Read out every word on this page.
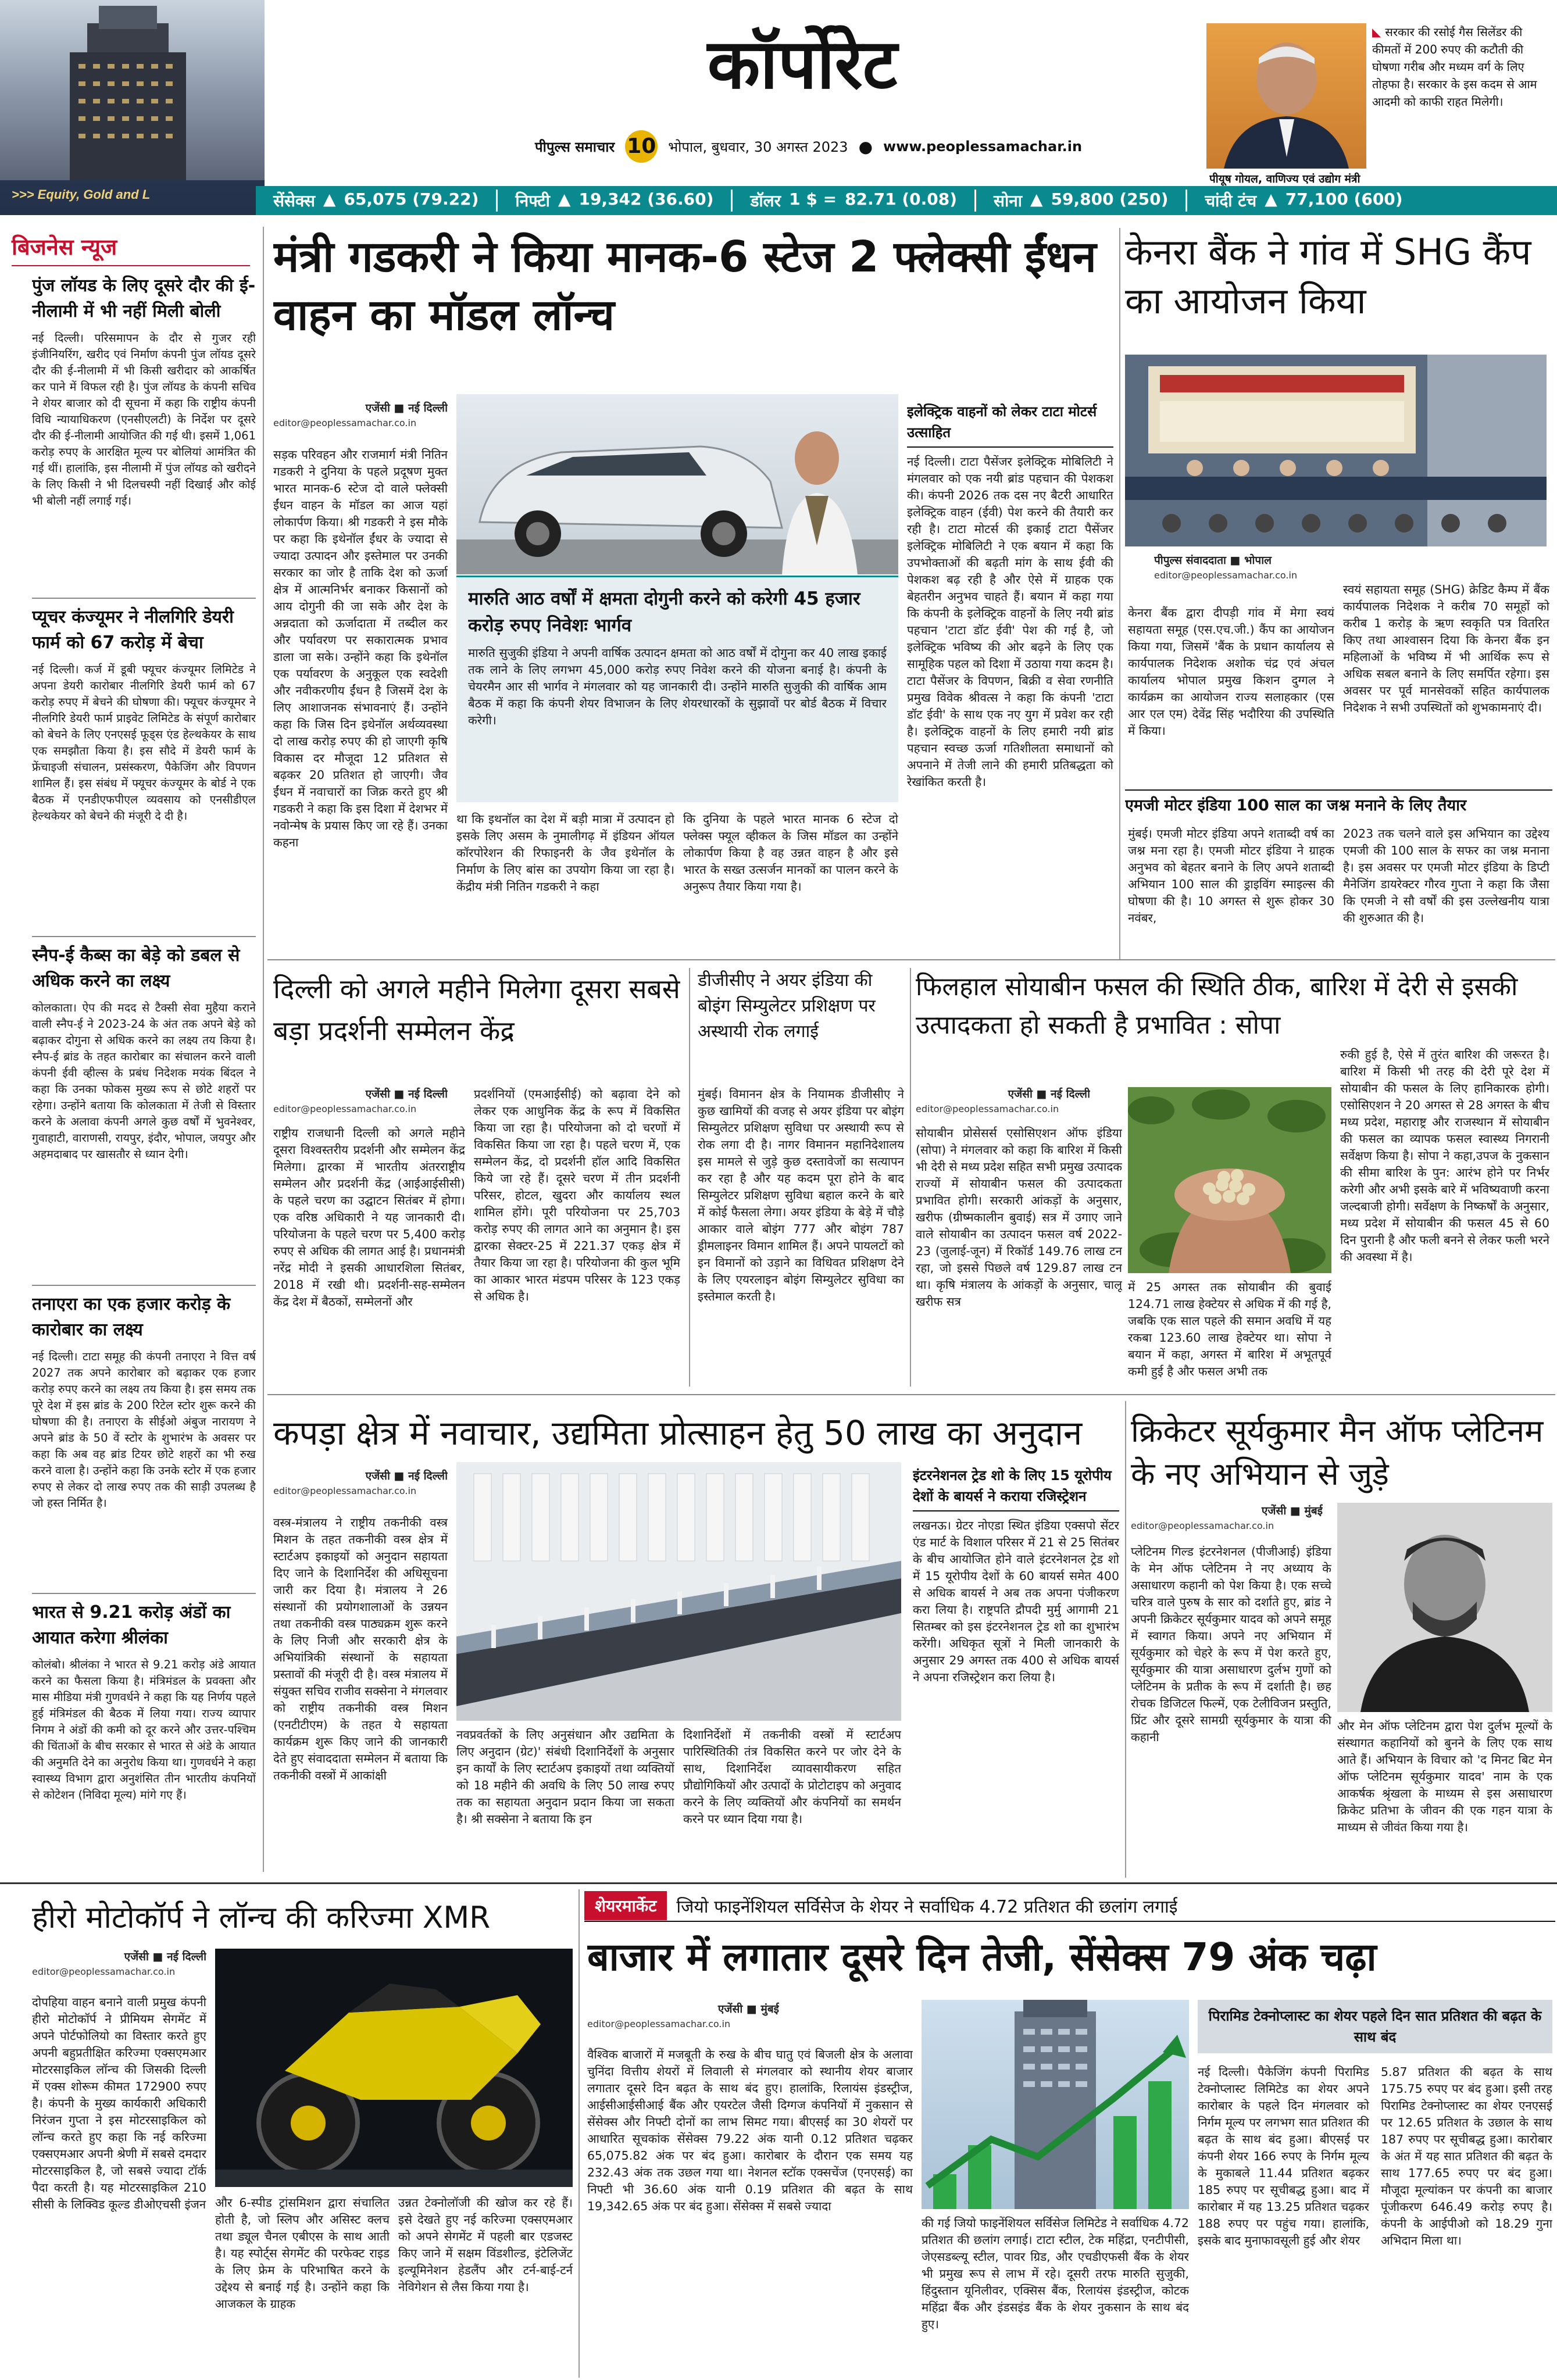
>>> Equity, Gold and L
कॉर्पोरेट
पीपुल्स समाचार 10 भोपाल, बुधवार, 30 अगस्त 2023 ● www.peoplessamachar.in
◣ सरकार की रसोई गैस सिलेंडर की कीमतों में 200 रुपए की कटौती की घोषणा गरीब और मध्यम वर्ग के लिए तोहफा है। सरकार के इस कदम से आम आदमी को काफी राहत मिलेगी।
पीयूष गोयल, वाणिज्य एवं उद्योग मंत्री
सेंसेक्स ▲ 65,075 (79.22) निफ्टी ▲ 19,342 (36.60) डॉलर 1 $ = 82.71 (0.08) सोना ▲ 59,800 (250) चांदी टंच ▲ 77,100 (600)
बिजनेस न्यूज
पुंज लॉयड के लिए दूसरे दौर की ई-नीलामी में भी नहीं मिली बोली
नई दिल्ली। परिसमापन के दौर से गुजर रही इंजीनियरिंग, खरीद एवं निर्माण कंपनी पुंज लॉयड दूसरे दौर की ई-नीलामी में भी किसी खरीदार को आकर्षित कर पाने में विफल रही है। पुंज लॉयड के कंपनी सचिव ने शेयर बाजार को दी सूचना में कहा कि राष्ट्रीय कंपनी विधि न्यायाधिकरण (एनसीएलटी) के निर्देश पर दूसरे दौर की ई-नीलामी आयोजित की गई थी। इसमें 1,061 करोड़ रुपए के आरक्षित मूल्य पर बोलियां आमंत्रित की गई थीं। हालांकि, इस नीलामी में पुंज लॉयड को खरीदने के लिए किसी ने भी दिलचस्पी नहीं दिखाई और कोई भी बोली नहीं लगाई गई।
प्यूचर कंज्यूमर ने नीलगिरि डेयरी फार्म को 67 करोड़ में बेचा
नई दिल्ली। कर्ज में डूबी फ्यूचर कंज्यूमर लिमिटेड ने अपना डेयरी कारोबार नीलगिरि डेयरी फार्म को 67 करोड़ रुपए में बेचने की घोषणा की। फ्यूचर कंज्यूमर ने नीलगिरि डेयरी फार्म प्राइवेट लिमिटेड के संपूर्ण कारोबार को बेचने के लिए एनएसई फूड्स एंड हेल्थकेयर के साथ एक समझौता किया है। इस सौदे में डेयरी फार्म के फ्रेंचाइजी संचालन, प्रसंस्करण, पैकेजिंग और विपणन शामिल हैं। इस संबंध में फ्यूचर कंज्यूमर के बोर्ड ने एक बैठक में एनडीएफपीएल व्यवसाय को एनसीडीएल हेल्थकेयर को बेचने की मंजूरी दे दी है।
स्नैप-ई कैब्स का बेड़े को डबल से अधिक करने का लक्ष्य
कोलकाता। ऐप की मदद से टैक्सी सेवा मुहैया कराने वाली स्नैप-ई ने 2023-24 के अंत तक अपने बेड़े को बढ़ाकर दोगुना से अधिक करने का लक्ष्य तय किया है। स्नैप-ई ब्रांड के तहत कारोबार का संचालन करने वाली कंपनी ईवी व्हील्स के प्रबंध निदेशक मयंक बिंदल ने कहा कि उनका फोकस मुख्य रूप से छोटे शहरों पर रहेगा। उन्होंने बताया कि कोलकाता में तेजी से विस्तार करने के अलावा कंपनी अगले कुछ वर्षों में भुवनेश्वर, गुवाहाटी, वाराणसी, रायपुर, इंदौर, भोपाल, जयपुर और अहमदाबाद पर खासतौर से ध्यान देगी।
तनाएरा का एक हजार करोड़ के कारोबार का लक्ष्य
नई दिल्ली। टाटा समूह की कंपनी तनाएरा ने वित्त वर्ष 2027 तक अपने कारोबार को बढ़ाकर एक हजार करोड़ रुपए करने का लक्ष्य तय किया है। इस समय तक पूरे देश में इस ब्रांड के 200 रिटेल स्टोर शुरू करने की घोषणा की है। तनाएरा के सीईओ अंबुज नारायण ने अपने ब्रांड के 50 वें स्टोर के शुभारंभ के अवसर पर कहा कि अब वह ब्रांड टियर छोटे शहरों का भी रुख करने वाला है। उन्होंने कहा कि उनके स्टोर में एक हजार रुपए से लेकर दो लाख रुपए तक की साड़ी उपलब्ध है जो हस्त निर्मित है।
भारत से 9.21 करोड़ अंडों का आयात करेगा श्रीलंका
कोलंबो। श्रीलंका ने भारत से 9.21 करोड़ अंडे आयात करने का फैसला किया है। मंत्रिमंडल के प्रवक्ता और मास मीडिया मंत्री गुणवर्धने ने कहा कि यह निर्णय पहले हुई मंत्रिमंडल की बैठक में लिया गया। राज्य व्यापार निगम ने अंडों की कमी को दूर करने और उत्तर-पश्चिम की चिंताओं के बीच सरकार से भारत से अंडे के आयात की अनुमति देने का अनुरोध किया था। गुणवर्धने ने कहा स्वास्थ्य विभाग द्वारा अनुशंसित तीन भारतीय कंपनियों से कोटेशन (निविदा मूल्य) मांगे गए हैं।
मंत्री गडकरी ने किया मानक-6 स्टेज 2 फ्लेक्सी ईंधन वाहन का मॉडल लॉन्च
एजेंसी ■ नई दिल्ली
editor@peoplessamachar.co.in
सड़क परिवहन और राजमार्ग मंत्री नितिन गडकरी ने दुनिया के पहले प्रदूषण मुक्त भारत मानक-6 स्टेज दो वाले फ्लेक्सी ईंधन वाहन के मॉडल का आज यहां लोकार्पण किया। श्री गडकरी ने इस मौके पर कहा कि इथेनॉल ईंधर के ज्यादा से ज्यादा उत्पादन और इस्तेमाल पर उनकी सरकार का जोर है ताकि देश को ऊर्जा क्षेत्र में आत्मनिर्भर बनाकर किसानों को आय दोगुनी की जा सके और देश के अन्नदाता को ऊर्जादाता में तब्दील कर और पर्यावरण पर सकारात्मक प्रभाव डाला जा सके। उन्होंने कहा कि इथेनॉल एक पर्यावरण के अनुकूल एक स्वदेशी और नवीकरणीय ईंधन है जिसमें देश के लिए आशाजनक संभावनाएं हैं। उन्होंने कहा कि जिस दिन इथेनॉल अर्थव्यवस्था दो लाख करोड़ रुपए की हो जाएगी कृषि विकास दर मौजूदा 12 प्रतिशत से बढ़कर 20 प्रतिशत हो जाएगी। जैव ईंधन में नवाचारों का जिक्र करते हुए श्री गडकरी ने कहा कि इस दिशा में देशभर में नवोन्मेष के प्रयास किए जा रहे हैं। उनका कहना
मारुति आठ वर्षों में क्षमता दोगुनी करने को करेगी 45 हजार करोड़ रुपए निवेशः भार्गव
मारुति सुजुकी इंडिया ने अपनी वार्षिक उत्पादन क्षमता को आठ वर्षों में दोगुना कर 40 लाख इकाई तक लाने के लिए लगभग 45,000 करोड़ रुपए निवेश करने की योजना बनाई है। कंपनी के चेयरमैन आर सी भार्गव ने मंगलवार को यह जानकारी दी। उन्होंने मारुति सुजुकी की वार्षिक आम बैठक में कहा कि कंपनी शेयर विभाजन के लिए शेयरधारकों के सुझावों पर बोर्ड बैठक में विचार करेगी।
था कि इथनॉल का देश में बड़ी मात्रा में उत्पादन हो इसके लिए असम के नुमालीगढ़ में इंडियन ऑयल कॉरपोरेशन की रिफाइनरी के जैव इथेनॉल के निर्माण के लिए बांस का उपयोग किया जा रहा है। केंद्रीय मंत्री नितिन गडकरी ने कहा
कि दुनिया के पहले भारत मानक 6 स्टेज दो फ्लेक्स फ्यूल व्हीकल के जिस मॉडल का उन्होंने लोकार्पण किया है वह उन्नत वाहन है और इसे भारत के सख्त उत्सर्जन मानकों का पालन करने के अनुरूप तैयार किया गया है।
इलेक्ट्रिक वाहनों को लेकर टाटा मोटर्स उत्साहित
नई दिल्ली। टाटा पैसेंजर इलेक्ट्रिक मोबिलिटी ने मंगलवार को एक नयी ब्रांड पहचान की पेशकश की। कंपनी 2026 तक दस नए बैटरी आधारित इलेक्ट्रिक वाहन (ईवी) पेश करने की तैयारी कर रही है। टाटा मोटर्स की इकाई टाटा पैसेंजर इलेक्ट्रिक मोबिलिटी ने एक बयान में कहा कि उपभोक्ताओं की बढ़ती मांग के साथ ईवी की पेशकश बढ़ रही है और ऐसे में ग्राहक एक बेहतरीन अनुभव चाहते हैं। बयान में कहा गया कि कंपनी के इलेक्ट्रिक वाहनों के लिए नयी ब्रांड पहचान 'टाटा डॉट ईवी' पेश की गई है, जो इलेक्ट्रिक भविष्य की ओर बढ़ने के लिए एक सामूहिक पहल को दिशा में उठाया गया कदम है। टाटा पैसेंजर के विपणन, बिक्री व सेवा रणनीति प्रमुख विवेक श्रीवत्स ने कहा कि कंपनी 'टाटा डॉट ईवी' के साथ एक नए युग में प्रवेश कर रही है। इलेक्ट्रिक वाहनों के लिए हमारी नयी ब्रांड पहचान स्वच्छ ऊर्जा गतिशीलता समाधानों को अपनाने में तेजी लाने की हमारी प्रतिबद्धता को रेखांकित करती है।
केनरा बैंक ने गांव में SHG कैंप का आयोजन किया
पीपुल्स संवाददाता ■ भोपाल
editor@peoplessamachar.co.in
केनरा बैंक द्वारा दीपड़ी गांव में मेगा स्वयं सहायता समूह (एस.एच.जी.) कैंप का आयोजन किया गया, जिसमें 'बैंक के प्रधान कार्यालय से कार्यपालक निदेशक अशोक चंद्र एवं अंचल कार्यालय भोपाल प्रमुख किशन दुग्गल ने कार्यक्रम का आयोजन राज्य सलाहकार (एस आर एल एम) देवेंद्र सिंह भदौरिया की उपस्थिति में किया।
स्वयं सहायता समूह (SHG) क्रेडिट कैम्प में बैंक कार्यपालक निदेशक ने करीब 70 समूहों को करीब 1 करोड़ के ऋण स्वकृति पत्र वितरित किए तथा आश्वासन दिया कि केनरा बैंक इन महिलाओं के भविष्य में भी आर्थिक रूप से अधिक सबल बनाने के लिए समर्पित रहेगा। इस अवसर पर पूर्व मानसेवकों सहित कार्यपालक निदेशक ने सभी उपस्थितों को शुभकामनाएं दी।
एमजी मोटर इंडिया 100 साल का जश्न मनाने के लिए तैयार
मुंबई। एमजी मोटर इंडिया अपने शताब्दी वर्ष का जश्न मना रहा है। एमजी मोटर इंडिया ने ग्राहक अनुभव को बेहतर बनाने के लिए अपने शताब्दी अभियान 100 साल की ड्राइविंग स्माइल्स की घोषणा की है। 10 अगस्त से शुरू होकर 30 नवंबर,
2023 तक चलने वाले इस अभियान का उद्देश्य एमजी की 100 साल के सफर का जश्न मनाना है। इस अवसर पर एमजी मोटर इंडिया के डिप्टी मैनेजिंग डायरेक्टर गौरव गुप्ता ने कहा कि जैसा कि एमजी ने सौ वर्षों की इस उल्लेखनीय यात्रा की शुरुआत की है।
दिल्ली को अगले महीने मिलेगा दूसरा सबसे बड़ा प्रदर्शनी सम्मेलन केंद्र
एजेंसी ■ नई दिल्ली
editor@peoplessamachar.co.in
राष्ट्रीय राजधानी दिल्ली को अगले महीने दूसरा विश्वस्तरीय प्रदर्शनी और सम्मेलन केंद्र मिलेगा। द्वारका में भारतीय अंतरराष्ट्रीय सम्मेलन और प्रदर्शनी केंद्र (आईआईसीसी) के पहले चरण का उद्घाटन सितंबर में होगा। एक वरिष्ठ अधिकारी ने यह जानकारी दी। परियोजना के पहले चरण पर 5,400 करोड़ रुपए से अधिक की लागत आई है। प्रधानमंत्री नरेंद्र मोदी ने इसकी आधारशिला सितंबर, 2018 में रखी थी। प्रदर्शनी-सह-सम्मेलन केंद्र देश में बैठकों, सम्मेलनों और
प्रदर्शनियों (एमआईसीई) को बढ़ावा देने को लेकर एक आधुनिक केंद्र के रूप में विकसित किया जा रहा है। परियोजना को दो चरणों में विकसित किया जा रहा है। पहले चरण में, एक सम्मेलन केंद्र, दो प्रदर्शनी हॉल आदि विकसित किये जा रहे हैं। दूसरे चरण में तीन प्रदर्शनी परिसर, होटल, खुदरा और कार्यालय स्थल शामिल होंगे। पूरी परियोजना पर 25,703 करोड़ रुपए की लागत आने का अनुमान है। इस द्वारका सेक्टर-25 में 221.37 एकड़ क्षेत्र में तैयार किया जा रहा है। परियोजना की कुल भूमि का आकार भारत मंडपम परिसर के 123 एकड़ से अधिक है।
डीजीसीए ने अयर इंडिया की बोइंग सिम्युलेटर प्रशिक्षण पर अस्थायी रोक लगाई
मुंबई। विमानन क्षेत्र के नियामक डीजीसीए ने कुछ खामियों की वजह से अयर इंडिया पर बोइंग सिम्युलेटर प्रशिक्षण सुविधा पर अस्थायी रूप से रोक लगा दी है। नागर विमानन महानिदेशालय इस मामले से जुड़े कुछ दस्तावेजों का सत्यापन कर रहा है और यह कदम पूरा होने के बाद सिम्युलेटर प्रशिक्षण सुविधा बहाल करने के बारे में कोई फैसला लेगा। अयर इंडिया के बेड़े में चौड़े आकार वाले बोइंग 777 और बोइंग 787 ड्रीमलाइनर विमान शामिल हैं। अपने पायलटों को इन विमानों को उड़ाने का विधिवत प्रशिक्षण देने के लिए एयरलाइन बोइंग सिम्युलेटर सुविधा का इस्तेमाल करती है।
फिलहाल सोयाबीन फसल की स्थिति ठीक, बारिश में देरी से इसकी उत्पादकता हो सकती है प्रभावित : सोपा
एजेंसी ■ नई दिल्ली
editor@peoplessamachar.co.in
सोयाबीन प्रोसेसर्स एसोसिएशन ऑफ इंडिया (सोपा) ने मंगलवार को कहा कि बारिश में किसी भी देरी से मध्य प्रदेश सहित सभी प्रमुख उत्पादक राज्यों में सोयाबीन फसल की उत्पादकता प्रभावित होगी। सरकारी आंकड़ों के अनुसार, खरीफ (ग्रीष्मकालीन बुवाई) सत्र में उगाए जाने वाले सोयाबीन का उत्पादन फसल वर्ष 2022-23 (जुलाई-जून) में रिकॉर्ड 149.76 लाख टन रहा, जो इससे पिछले वर्ष 129.87 लाख टन था। कृषि मंत्रालय के आंकड़ों के अनुसार, चालू खरीफ सत्र
में 25 अगस्त तक सोयाबीन की बुवाई 124.71 लाख हेक्टेयर से अधिक में की गई है, जबकि एक साल पहले की समान अवधि में यह रकबा 123.60 लाख हेक्टेयर था। सोपा ने बयान में कहा, अगस्त में बारिश में अभूतपूर्व कमी हुई है और फसल अभी तक
रुकी हुई है, ऐसे में तुरंत बारिश की जरूरत है। बारिश में किसी भी तरह की देरी पूरे देश में सोयाबीन की फसल के लिए हानिकारक होगी। एसोसिएशन ने 20 अगस्त से 28 अगस्त के बीच मध्य प्रदेश, महाराष्ट्र और राजस्थान में सोयाबीन की फसल का व्यापक फसल स्वास्थ्य निगरानी सर्वेक्षण किया है। सोपा ने कहा,उपज के नुकसान की सीमा बारिश के पुन: आरंभ होने पर निर्भर करेगी और अभी इसके बारे में भविष्यवाणी करना जल्दबाजी होगी। सर्वेक्षण के निष्कर्षों के अनुसार, मध्य प्रदेश में सोयाबीन की फसल 45 से 60 दिन पुरानी है और फली बनने से लेकर फली भरने की अवस्था में है।
कपड़ा क्षेत्र में नवाचार, उद्यमिता प्रोत्साहन हेतु 50 लाख का अनुदान
एजेंसी ■ नई दिल्ली
editor@peoplessamachar.co.in
वस्त्र-मंत्रालय ने राष्ट्रीय तकनीकी वस्त्र मिशन के तहत तकनीकी वस्त्र क्षेत्र में स्टार्टअप इकाइयों को अनुदान सहायता दिए जाने के दिशानिर्देश की अधिसूचना जारी कर दिया है। मंत्रालय ने 26 संस्थानों की प्रयोगशालाओं के उन्नयन तथा तकनीकी वस्त्र पाठ्यक्रम शुरू करने के लिए निजी और सरकारी क्षेत्र के अभियांत्रिकी संस्थानों के सहायता प्रस्तावों की मंजूरी दी है। वस्त्र मंत्रालय में संयुक्त सचिव राजीव सक्सेना ने मंगलवार को राष्ट्रीय तकनीकी वस्त्र मिशन (एनटीटीएम) के तहत ये सहायता कार्यक्रम शुरू किए जाने की जानकारी देते हुए संवाददाता सम्मेलन में बताया कि तकनीकी वस्त्रों में आकांक्षी
नवप्रवर्तकों के लिए अनुसंधान और उद्यमिता के लिए अनुदान (ग्रेट)' संबंधी दिशानिर्देशों के अनुसार इन कार्यों के लिए स्टार्टअप इकाइयों तथा व्यक्तियों को 18 महीने की अवधि के लिए 50 लाख रुपए तक का सहायता अनुदान प्रदान किया जा सकता है। श्री सक्सेना ने बताया कि इन
दिशानिर्देशों में तकनीकी वस्त्रों में स्टार्टअप पारिस्थितिकी तंत्र विकसित करने पर जोर देने के साथ, दिशानिर्देश व्यावसायीकरण सहित प्रौद्योगिकियों और उत्पादों के प्रोटोटाइप को अनुवाद करने के लिए व्यक्तियों और कंपनियों का समर्थन करने पर ध्यान दिया गया है।
इंटरनेशनल ट्रेड शो के लिए 15 यूरोपीय देशों के बायर्स ने कराया रजिस्ट्रेशन
लखनऊ। ग्रेटर नोएडा स्थित इंडिया एक्सपो सेंटर एंड मार्ट के विशाल परिसर में 21 से 25 सितंबर के बीच आयोजित होने वाले इंटरनेशनल ट्रेड शो में 15 यूरोपीय देशों के 60 बायर्स समेत 400 से अधिक बायर्स ने अब तक अपना पंजीकरण करा लिया है। राष्ट्रपति द्रौपदी मुर्मु आगामी 21 सितम्बर को इस इंटरनेशनल ट्रेड शो का शुभारंभ करेंगी। अधिकृत सूत्रों ने मिली जानकारी के अनुसार 29 अगस्त तक 400 से अधिक बायर्स ने अपना रजिस्ट्रेशन करा लिया है।
क्रिकेटर सूर्यकुमार मैन ऑफ प्लेटिनम के नए अभियान से जुड़े
एजेंसी ■ मुंबई
editor@peoplessamachar.co.in
प्लेटिनम गिल्ड इंटरनेशनल (पीजीआई) इंडिया के मेन ऑफ प्लेटिनम ने नए अध्याय के असाधारण कहानी को पेश किया है। एक सच्चे चरित्र वाले पुरुष के सार को दर्शाते हुए, ब्रांड ने अपनी क्रिकेटर सूर्यकुमार यादव को अपने समूह में स्वागत किया। अपने नए अभियान में सूर्यकुमार को चेहरे के रूप में पेश करते हुए, सूर्यकुमार की यात्रा असाधारण दुर्लभ गुणों को प्लेटिनम के प्रतीक के रूप में दर्शाती है। छह रोचक डिजिटल फिल्में, एक टेलीविजन प्रस्तुति, प्रिंट और दूसरे सामग्री सूर्यकुमार के यात्रा की कहानी
और मेन ऑफ प्लेटिनम द्वारा पेश दुर्लभ मूल्यों के संस्थागत कहानियों को बुनने के लिए एक साथ आते हैं। अभियान के विचार को 'द मिनट बिट मेन ऑफ प्लेटिनम सूर्यकुमार यादव' नाम के एक आकर्षक श्रृंखला के माध्यम से इस असाधारण क्रिकेट प्रतिभा के जीवन की एक गहन यात्रा के माध्यम से जीवंत किया गया है।
हीरो मोटोकॉर्प ने लॉन्च की करिज्मा XMR
एजेंसी ■ नई दिल्ली
editor@peoplessamachar.co.in
दोपहिया वाहन बनाने वाली प्रमुख कंपनी हीरो मोटोकॉर्प ने प्रीमियम सेगमेंट में अपने पोर्टफोलियो का विस्तार करते हुए अपनी बहुप्रतीक्षित करिज्मा एक्सएमआर मोटरसाइकिल लॉन्च की जिसकी दिल्ली में एक्स शोरूम कीमत 172900 रुपए है। कंपनी के मुख्य कार्यकारी अधिकारी निरंजन गुप्ता ने इस मोटरसाइकिल को लॉन्च करते हुए कहा कि नई करिज्मा एक्सएमआर अपनी श्रेणी में सबसे दमदार मोटरसाइकिल है, जो सबसे ज्यादा टॉर्क पैदा करती है। यह मोटरसाइकिल 210 सीसी के लिक्विड कूल्ड डीओएचसी इंजन और 6-स्पीड ट्रांसमिशन द्वारा संचालित होती है, जो स्लिप और असिस्ट क्लच तथा ड्यूल चैनल एबीएस के साथ आती है। यह स्पोर्ट्स सेगमेंट की परफेक्ट राइड के लिए फ्रेम के परिभाषित करने के उद्देश्य से बनाई गई है। उन्होंने कहा कि आजकल के ग्राहक
उन्नत टेक्नोलॉजी की खोज कर रहे हैं। इसे देखते हुए नई करिज्मा एक्सएमआर को अपने सेगमेंट में पहली बार एडजस्ट किए जाने में सक्षम विंडशील्ड, इंटेलिजेंट इल्यूमिनेशन हेडलैंप और टर्न-बाई-टर्न नेविगेशन से लैस किया गया है।
शेयरमार्केट	जियो फाइनेंशियल सर्विसेज के शेयर ने सर्वाधिक 4.72 प्रतिशत की छलांग लगाई
बाजार में लगातार दूसरे दिन तेजी, सेंसेक्स 79 अंक चढ़ा
एजेंसी ■ मुंबई
editor@peoplessamachar.co.in
वैश्विक बाजारों में मजबूती के रुख के बीच घातु एवं बिजली क्षेत्र के अलावा चुनिंदा वित्तीय शेयरों में लिवाली से मंगलवार को स्थानीय शेयर बाजार लगातार दूसरे दिन बढ़त के साथ बंद हुए। हालांकि, रिलायंस इंडस्ट्रीज, आईसीआईसीआई बैंक और एयरटेल जैसी दिग्गज कंपनियों में नुकसान से सेंसेक्स और निफ्टी दोनों का लाभ सिमट गया। बीएसई का 30 शेयरों पर आधारित सूचकांक सेंसेक्स 79.22 अंक यानी 0.12 प्रतिशत चढ़कर 65,075.82 अंक पर बंद हुआ। कारोबार के दौरान एक समय यह 232.43 अंक तक उछल गया था। नेशनल स्टॉक एक्सचेंज (एनएसई) का निफ्टी भी 36.60 अंक यानी 0.19 प्रतिशत की बढ़त के साथ 19,342.65 अंक पर बंद हुआ। सेंसेक्स में सबसे ज्यादा
की गई जियो फाइनेंशियल सर्विसेज लिमिटेड ने सर्वाधिक 4.72 प्रतिशत की छलांग लगाई। टाटा स्टील, टेक महिंद्रा, एनटीपीसी, जेएसडब्ल्यू स्टील, पावर ग्रिड, और एचडीएफसी बैंक के शेयर भी प्रमुख रूप से लाभ में रहे। दूसरी तरफ मारुति सुजुकी, हिंदुस्तान यूनिलीवर, एक्सिस बैंक, रिलायंस इंडस्ट्रीज, कोटक महिंद्रा बैंक और इंडसइंड बैंक के शेयर नुकसान के साथ बंद हुए।
पिरामिड टेक्नोप्लास्ट का शेयर पहले दिन सात प्रतिशत की बढ़त के साथ बंद
नई दिल्ली। पैकेजिंग कंपनी पिरामिड टेक्नोप्लास्ट लिमिटेड का शेयर अपने कारोबार के पहले दिन मंगलवार को निर्गम मूल्य पर लगभग सात प्रतिशत की बढ़त के साथ बंद हुआ। बीएसई पर कंपनी शेयर 166 रुपए के निर्गम मूल्य के मुकाबले 11.44 प्रतिशत बढ़कर 185 रुपए पर सूचीबद्ध हुआ। बाद में कारोबार में यह 13.25 प्रतिशत चढ़कर 188 रुपए पर पहुंच गया। हालांकि, इसके बाद मुनाफावसूली हुई और शेयर
5.87 प्रतिशत की बढ़त के साथ 175.75 रुपए पर बंद हुआ। इसी तरह पिरामिड टेक्नोप्लास्ट का शेयर एनएसई पर 12.65 प्रतिशत के उछाल के साथ 187 रुपए पर सूचीबद्ध हुआ। कारोबार के अंत में यह सात प्रतिशत की बढ़त के साथ 177.65 रुपए पर बंद हुआ। मौजूदा मूल्यांकन पर कंपनी का बाजार पूंजीकरण 646.49 करोड़ रुपए है। कंपनी के आईपीओ को 18.29 गुना अभिदान मिला था।
